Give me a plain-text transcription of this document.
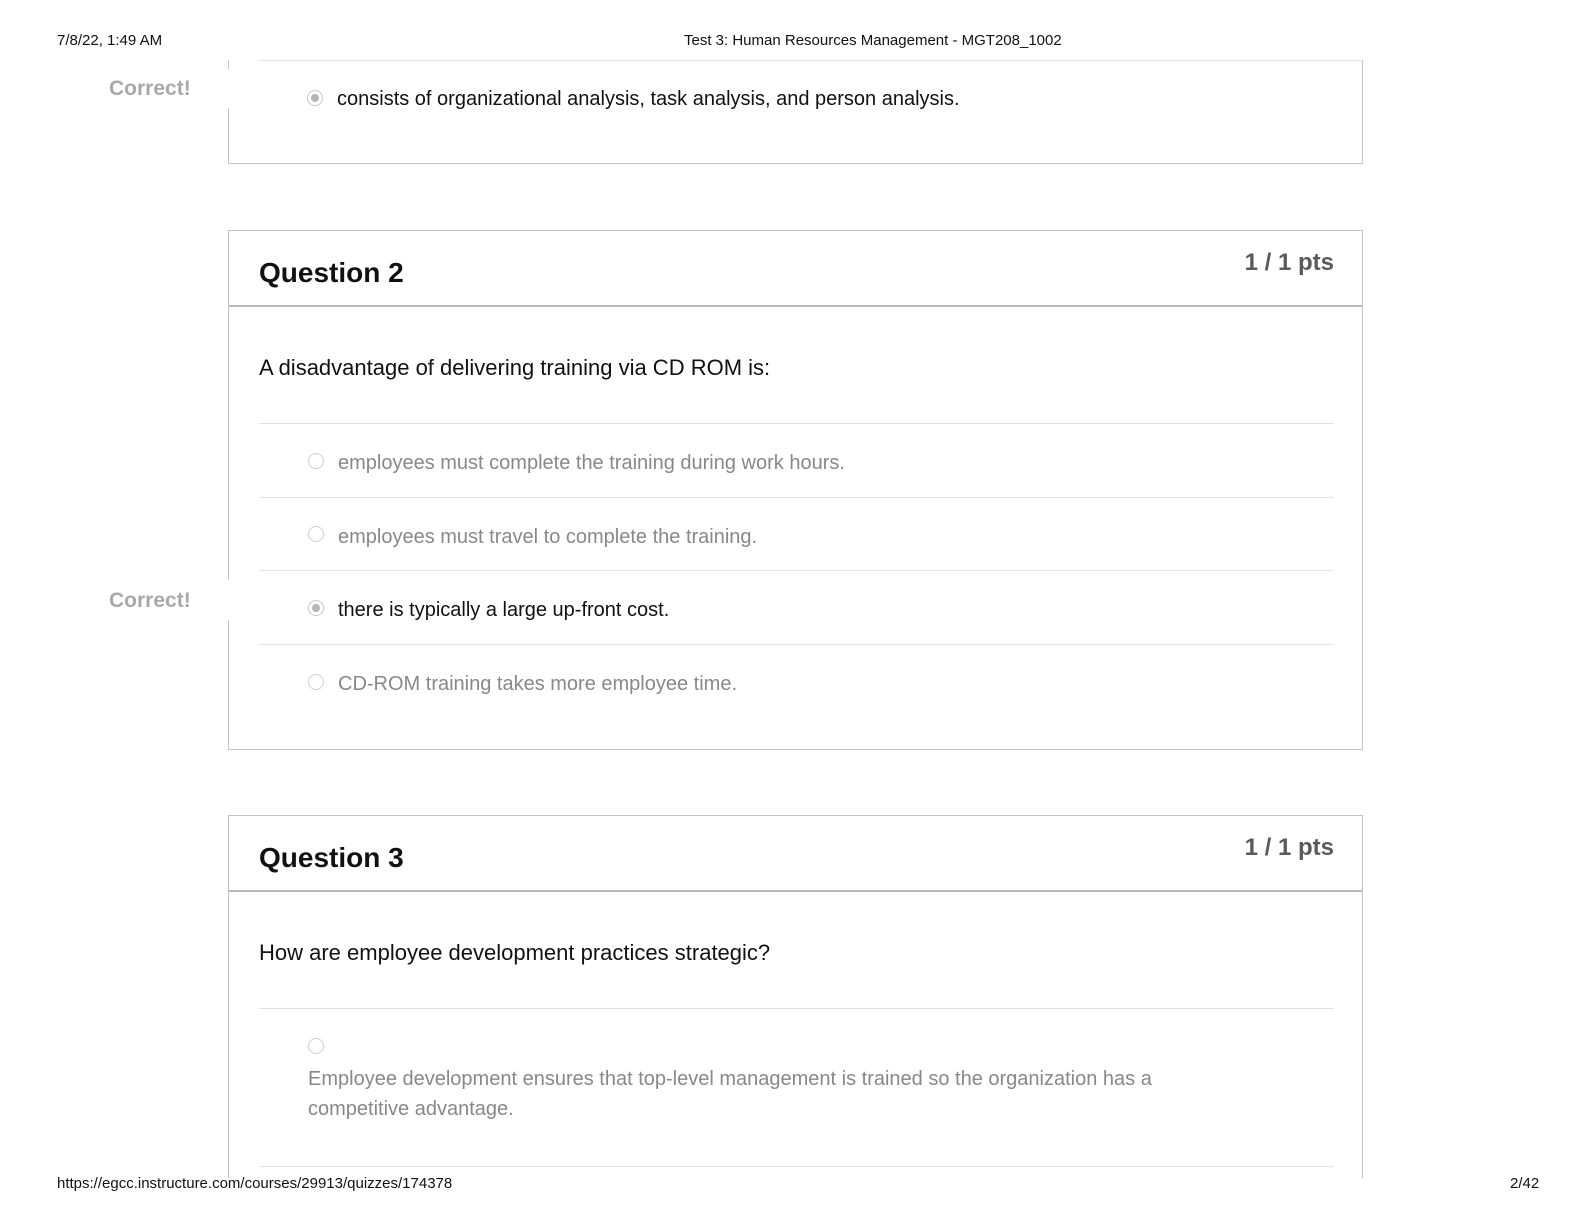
7/8/22, 1:49 AM	Test 3: Human Resources Management - MGT208_1002
Correct!	consists of organizational analysis, task analysis, and person analysis.
Question 2	1 / 1 pts
A disadvantage of delivering training via CD ROM is:
employees must complete the training during work hours.
employees must travel to complete the training.
there is typically a large up-front cost.
CD-ROM training takes more employee time.
Correct!
Question 3	1 / 1 pts
How are employee development practices strategic?
Employee development ensures that top-level management is trained so the organization has a competitive advantage.
https://egcc.instructure.com/courses/29913/quizzes/174378	2/42
